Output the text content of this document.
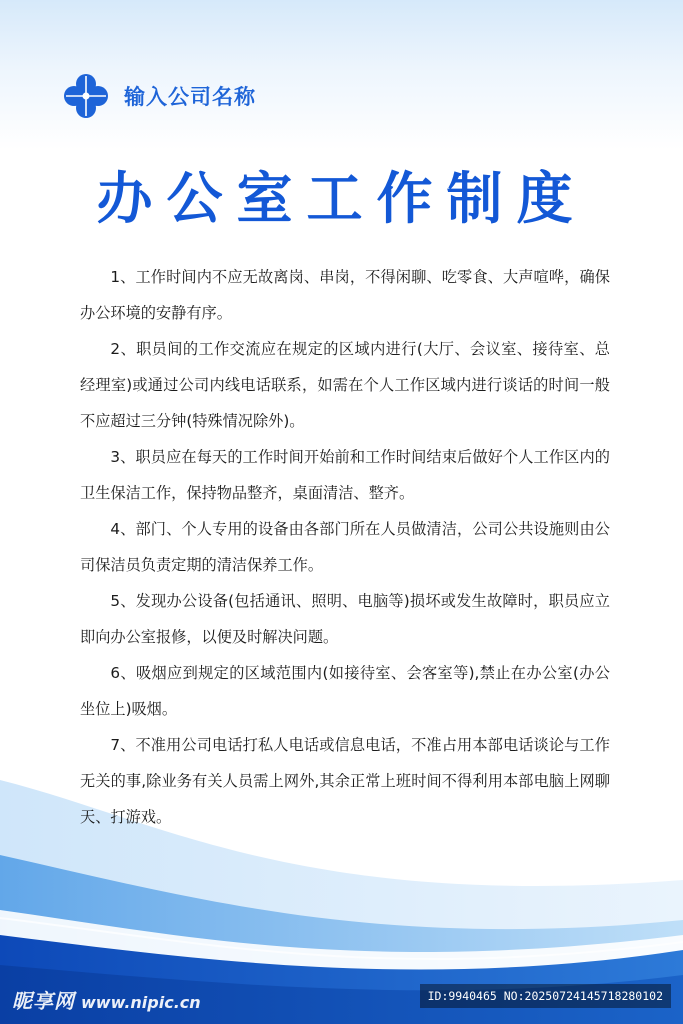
输入公司名称
办公室工作制度

1、工作时间内不应无故离岗、串岗，不得闲聊、吃零食、大声喧哗，确保办公环境的安静有序。

2、职员间的工作交流应在规定的区域内进行(大厅、会议室、接待室、总经理室)或通过公司内线电话联系，如需在个人工作区域内进行谈话的时间一般不应超过三分钟(特殊情况除外)。

3、职员应在每天的工作时间开始前和工作时间结束后做好个人工作区内的卫生保洁工作，保持物品整齐，桌面清洁、整齐。

4、部门、个人专用的设备由各部门所在人员做清洁，公司公共设施则由公司保洁员负责定期的清洁保养工作。

5、发现办公设备(包括通讯、照明、电脑等)损坏或发生故障时，职员应立即向办公室报修，以便及时解决问题。

6、吸烟应到规定的区域范围内(如接待室、会客室等),禁止在办公室(办公坐位上)吸烟。

7、不准用公司电话打私人电话或信息电话，不准占用本部电话谈论与工作无关的事,除业务有关人员需上网外,其余正常上班时间不得利用本部电脑上网聊天、打游戏。

昵享网 www.nipic.cn	ID:9940465 NO:20250724145718280102
